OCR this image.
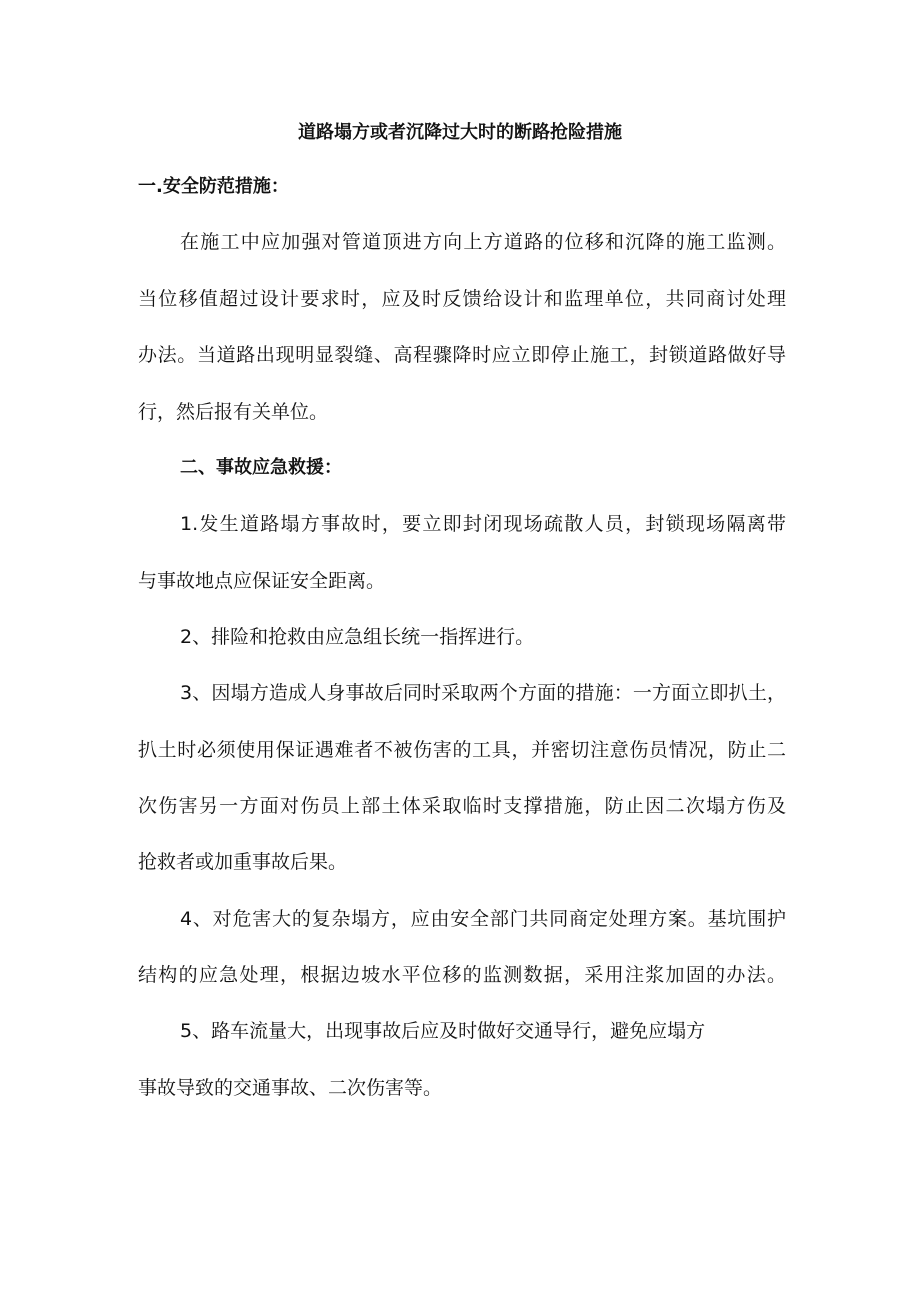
道路塌方或者沉降过大时的断路抢险措施
一.安全防范措施：
在施工中应加强对管道顶进方向上方道路的位移和沉降的施工监测。
当位移值超过设计要求时，应及时反馈给设计和监理单位，共同商讨处理
办法。当道路出现明显裂缝、高程骤降时应立即停止施工，封锁道路做好导
行，然后报有关单位。
二、事故应急救援：
1.发生道路塌方事故时，要立即封闭现场疏散人员，封锁现场隔离带
与事故地点应保证安全距离。
2、排险和抢救由应急组长统一指挥进行。
3、因塌方造成人身事故后同时采取两个方面的措施：一方面立即扒土，
扒土时必须使用保证遇难者不被伤害的工具，并密切注意伤员情况，防止二
次伤害另一方面对伤员上部土体采取临时支撑措施，防止因二次塌方伤及
抢救者或加重事故后果。
4、对危害大的复杂塌方，应由安全部门共同商定处理方案。基坑围护
结构的应急处理，根据边坡水平位移的监测数据，采用注浆加固的办法。
5、路车流量大，出现事故后应及时做好交通导行，避免应塌方
事故导致的交通事故、二次伤害等。
